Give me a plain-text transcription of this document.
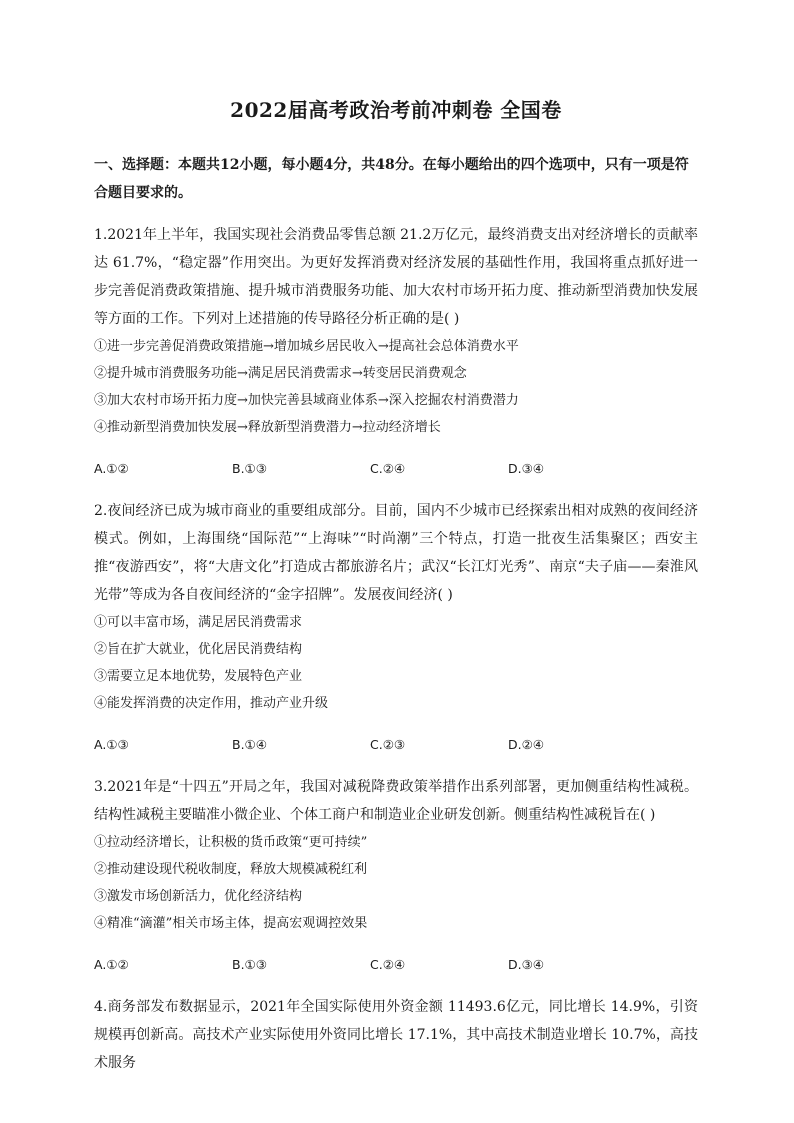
2022届高考政治考前冲刺卷 全国卷
一、选择题：本题共12小题，每小题4分，共48分。在每小题给出的四个选项中，只有一项是符合题目要求的。

1.2021年上半年，我国实现社会消费品零售总额 21.2万亿元，最终消费支出对经济增长的贡献率达 61.7%，“稳定器”作用突出。为更好发挥消费对经济发展的基础性作用，我国将重点抓好进一步完善促消费政策措施、提升城市消费服务功能、加大农村市场开拓力度、推动新型消费加快发展等方面的工作。下列对上述措施的传导路径分析正确的是( )

①进一步完善促消费政策措施→增加城乡居民收入→提高社会总体消费水平

②提升城市消费服务功能→满足居民消费需求→转变居民消费观念

③加大农村市场开拓力度→加快完善县域商业体系→深入挖掘农村消费潜力

④推动新型消费加快发展→释放新型消费潜力→拉动经济增长

A.①②	B.①③	C.②④	D.③④

2.夜间经济已成为城市商业的重要组成部分。目前，国内不少城市已经探索出相对成熟的夜间经济模式。例如，上海围绕“国际范”“上海味”“时尚潮”三个特点，打造一批夜生活集聚区；西安主推“夜游西安”，将“大唐文化”打造成古都旅游名片；武汉“长江灯光秀”、南京“夫子庙——秦淮风光带”等成为各自夜间经济的“金字招牌”。发展夜间经济( )

①可以丰富市场，满足居民消费需求

②旨在扩大就业，优化居民消费结构

③需要立足本地优势，发展特色产业

④能发挥消费的决定作用，推动产业升级

A.①③	B.①④	C.②③	D.②④

3.2021年是“十四五”开局之年，我国对减税降费政策举措作出系列部署，更加侧重结构性减税。结构性减税主要瞄准小微企业、个体工商户和制造业企业研发创新。侧重结构性减税旨在( )

①拉动经济增长，让积极的货币政策“更可持续”

②推动建设现代税收制度，释放大规模减税红利

③激发市场创新活力，优化经济结构

④精准“滴灌”相关市场主体，提高宏观调控效果

A.①②	B.①③	C.②④	D.③④

4.商务部发布数据显示，2021年全国实际使用外资金额 11493.6亿元，同比增长 14.9%，引资规模再创新高。高技术产业实际使用外资同比增长 17.1%，其中高技术制造业增长 10.7%，高技术服务
